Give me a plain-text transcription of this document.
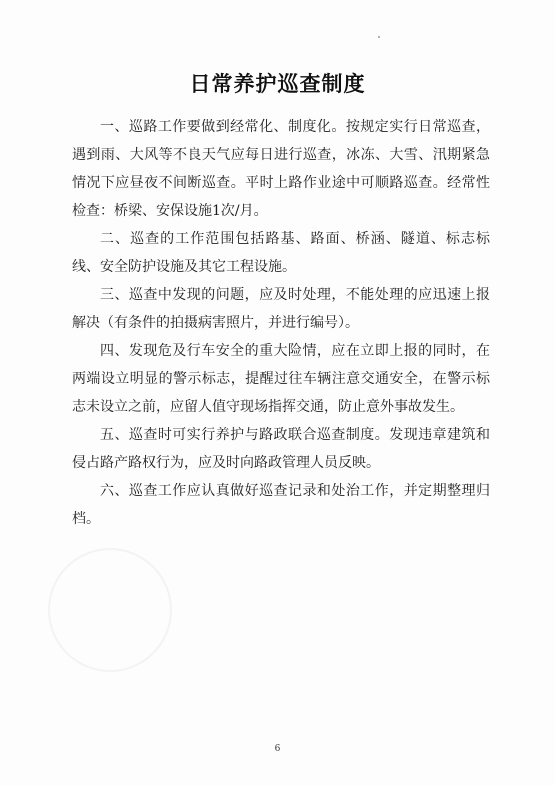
日常养护巡查制度

一、巡路工作要做到经常化、制度化。按规定实行日常巡查，遇到雨、大风等不良天气应每日进行巡查，冰冻、大雪、汛期紧急情况下应昼夜不间断巡查。平时上路作业途中可顺路巡查。经常性检查：桥梁、安保设施1次/月。

二、巡查的工作范围包括路基、路面、桥涵、隧道、标志标线、安全防护设施及其它工程设施。

三、巡查中发现的问题，应及时处理，不能处理的应迅速上报解决（有条件的拍摄病害照片，并进行编号）。

四、发现危及行车安全的重大险情，应在立即上报的同时，在两端设立明显的警示标志，提醒过往车辆注意交通安全，在警示标志未设立之前，应留人值守现场指挥交通，防止意外事故发生。

五、巡查时可实行养护与路政联合巡查制度。发现违章建筑和侵占路产路权行为，应及时向路政管理人员反映。

六、巡查工作应认真做好巡查记录和处治工作，并定期整理归档。

6
